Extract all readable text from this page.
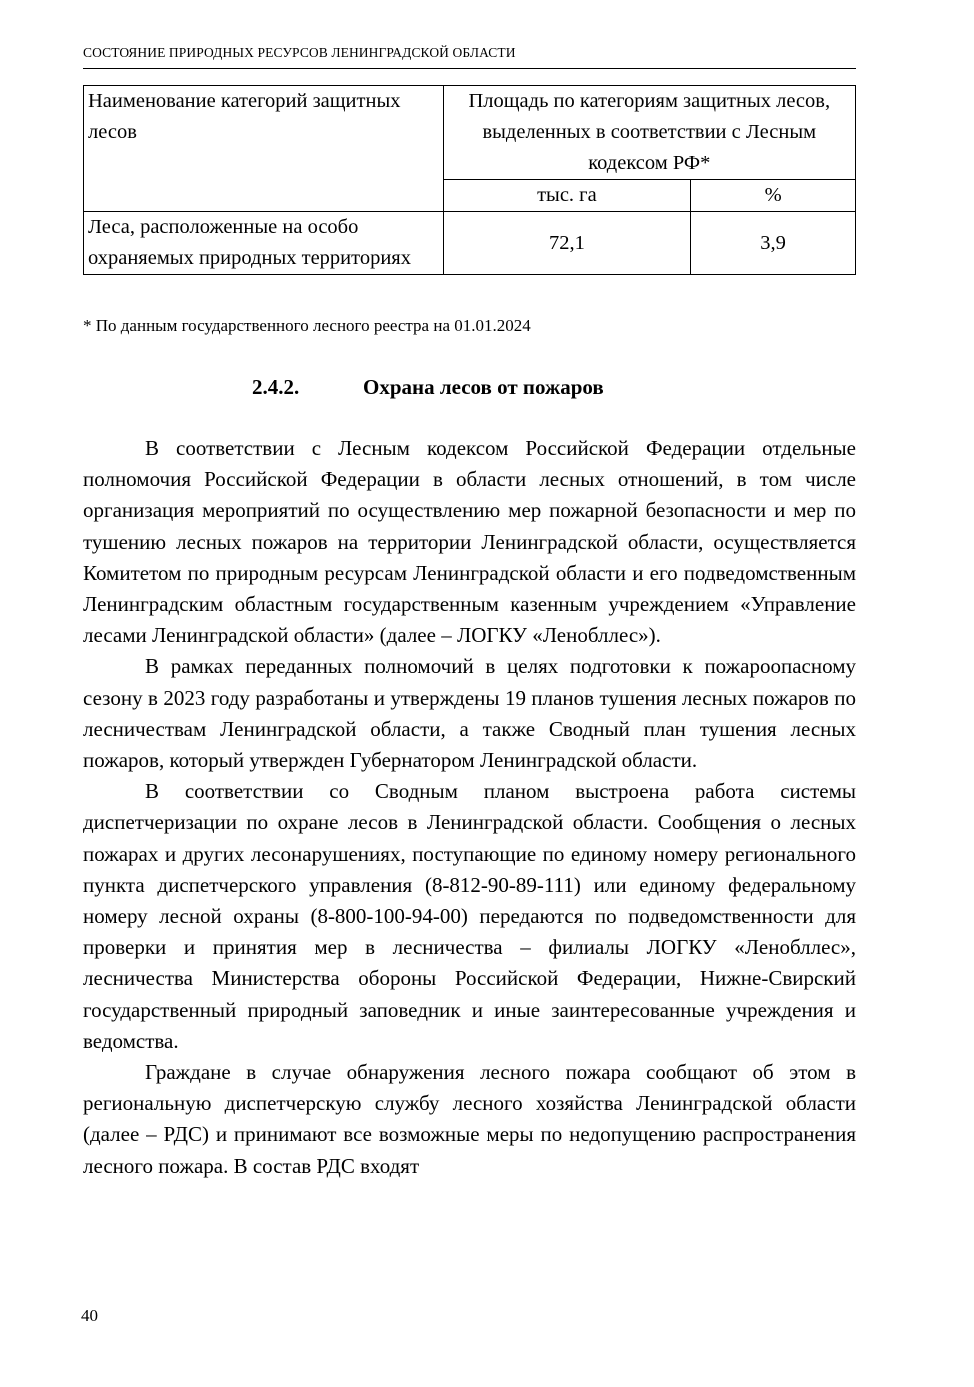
СОСТОЯНИЕ ПРИРОДНЫХ РЕСУРСОВ ЛЕНИНГРАДСКОЙ ОБЛАСТИ
Наименование категорий защитных лесов	Площадь по категориям защитных лесов, выделенных в соответствии с Лесным кодексом РФ*	
	тыс. га	%
Леса, расположенные на особо охраняемых природных территориях	72,1	3,9
* По данным государственного лесного реестра на 01.01.2024
2.4.2.	Охрана лесов от пожаров

В соответствии с Лесным кодексом Российской Федерации отдельные полномочия Российской Федерации в области лесных отношений, в том числе организация мероприятий по осуществлению мер пожарной безопасности и мер по тушению лесных пожаров на территории Ленинградской области, осуществляется Комитетом по природным ресурсам Ленинградской области и его подведомственным Ленинградским областным государственным казенным учреждением «Управление лесами Ленинградской области» (далее – ЛОГКУ «Ленобллес»).

В рамках переданных полномочий в целях подготовки к пожароопасному сезону в 2023 году разработаны и утверждены 19 планов тушения лесных пожаров по лесничествам Ленинградской области, а также Сводный план тушения лесных пожаров, который утвержден Губернатором Ленинградской области.

В соответствии со Сводным планом выстроена работа системы диспетчеризации по охране лесов в Ленинградской области. Сообщения о лесных пожарах и других лесонарушениях, поступающие по единому номеру регионального пункта диспетчерского управления (8-812-90-89-111) или единому федеральному номеру лесной охраны (8-800-100-94-00) передаются по подведомственности для проверки и принятия мер в лесничества – филиалы ЛОГКУ «Ленобллес», лесничества Министерства обороны Российской Федерации, Нижне-Свирский государственный природный заповедник и иные заинтересованные учреждения и ведомства.

Граждане в случае обнаружения лесного пожара сообщают об этом в региональную диспетчерскую службу лесного хозяйства Ленинградской области (далее – РДС) и принимают все возможные меры по недопущению распространения лесного пожара. В состав РДС входят

40
